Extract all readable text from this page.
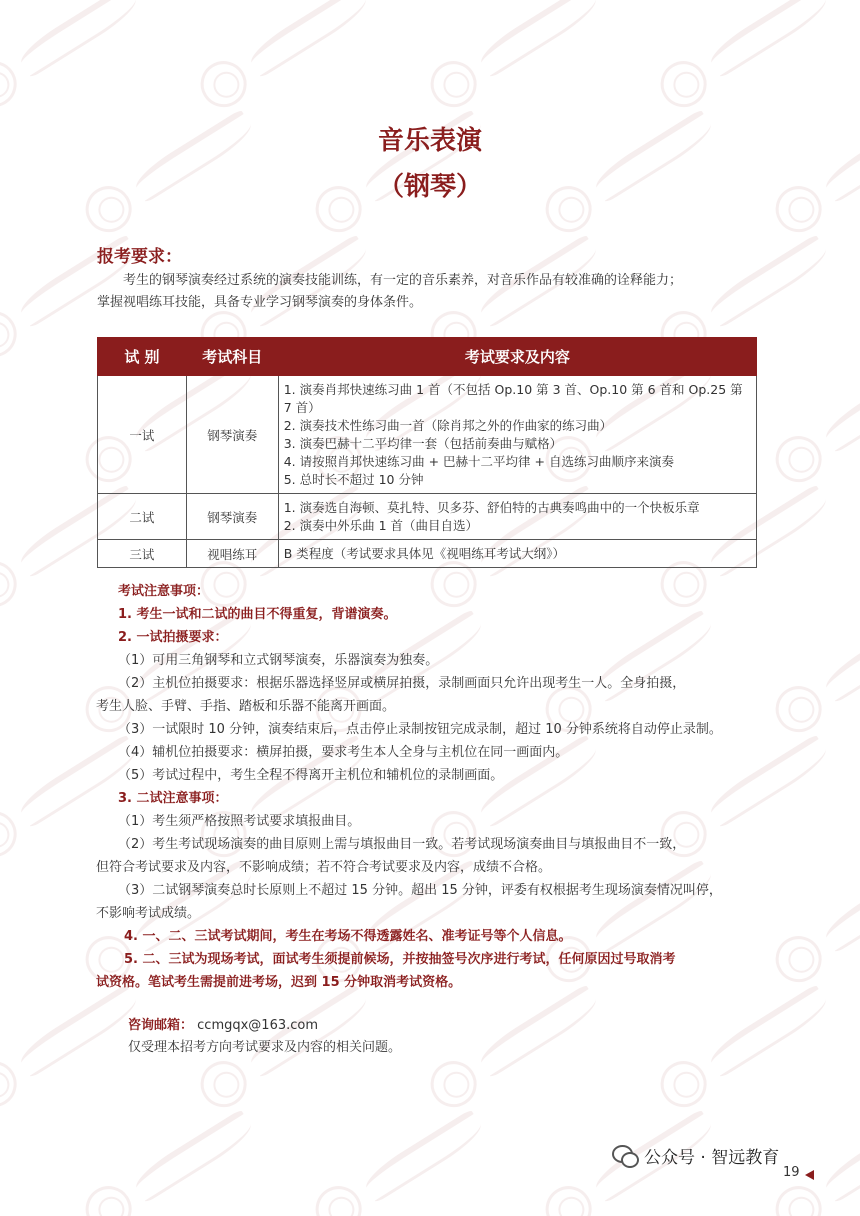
音乐表演
（钢琴）
报考要求：
考生的钢琴演奏经过系统的演奏技能训练，有一定的音乐素养，对音乐作品有较准确的诠释能力；
掌握视唱练耳技能，具备专业学习钢琴演奏的身体条件。
试 别	考试科目	考试要求及内容
一试	钢琴演奏	1. 演奏肖邦快速练习曲 1 首（不包括 Op.10 第 3 首、Op.10 第 6 首和 Op.25 第 7 首）
2. 演奏技术性练习曲一首（除肖邦之外的作曲家的练习曲）
3. 演奏巴赫十二平均律一套（包括前奏曲与赋格）
4. 请按照肖邦快速练习曲 + 巴赫十二平均律 + 自选练习曲顺序来演奏
5. 总时长不超过 10 分钟

二试	钢琴演奏	1. 演奏选自海顿、莫扎特、贝多芬、舒伯特的古典奏鸣曲中的一个快板乐章
2. 演奏中外乐曲 1 首（曲目自选）

三试	视唱练耳	B 类程度（考试要求具体见《视唱练耳考试大纲》）
考试注意事项：
1. 考生一试和二试的曲目不得重复，背谱演奏。
2. 一试拍摄要求：
（1）可用三角钢琴和立式钢琴演奏，乐器演奏为独奏。
（2）主机位拍摄要求：根据乐器选择竖屏或横屏拍摄，录制画面只允许出现考生一人。全身拍摄，
考生人脸、手臂、手指、踏板和乐器不能离开画面。
（3）一试限时 10 分钟，演奏结束后，点击停止录制按钮完成录制，超过 10 分钟系统将自动停止录制。
（4）辅机位拍摄要求：横屏拍摄，要求考生本人全身与主机位在同一画面内。
（5）考试过程中，考生全程不得离开主机位和辅机位的录制画面。
3. 二试注意事项：
（1）考生须严格按照考试要求填报曲目。
（2）考生考试现场演奏的曲目原则上需与填报曲目一致。若考试现场演奏曲目与填报曲目不一致，
但符合考试要求及内容，不影响成绩；若不符合考试要求及内容，成绩不合格。
（3）二试钢琴演奏总时长原则上不超过 15 分钟。超出 15 分钟，评委有权根据考生现场演奏情况叫停，
不影响考试成绩。
4. 一、二、三试考试期间，考生在考场不得透露姓名、准考证号等个人信息。
5. 二、三试为现场考试，面试考生须提前候场，并按抽签号次序进行考试，任何原因过号取消考
试资格。笔试考生需提前进考场，迟到 15 分钟取消考试资格。
咨询邮箱： ccmgqx@163.com
仅受理本招考方向考试要求及内容的相关问题。
公众号 · 智远教育
19
